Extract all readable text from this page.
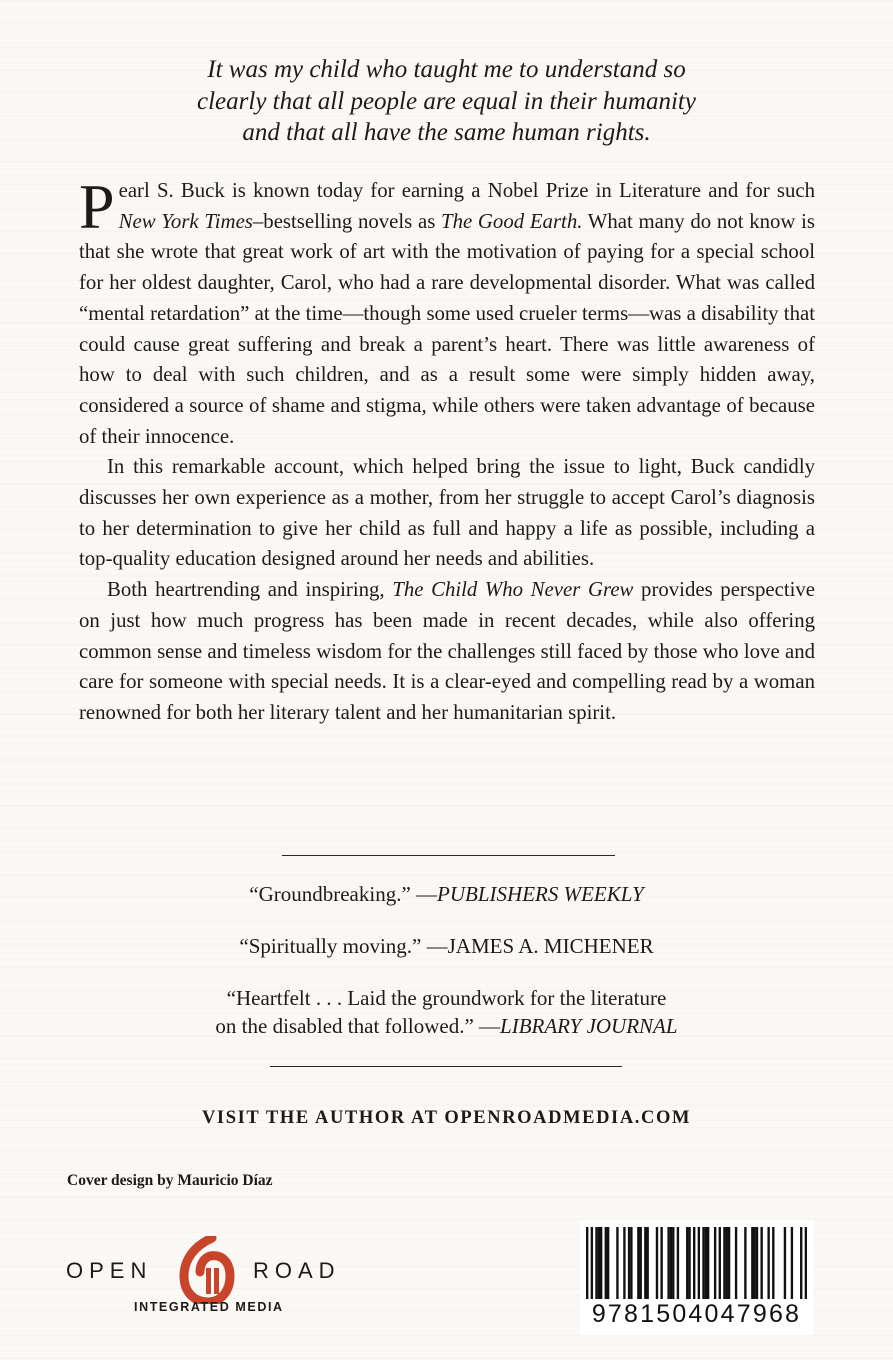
It was my child who taught me to understand so
clearly that all people are equal in their humanity
and that all have the same human rights.

Pearl S. Buck is known today for earning a Nobel Prize in Literature and for such New York Times–bestselling novels as The Good Earth. What many do not know is that she wrote that great work of art with the motivation of paying for a special school for her oldest daughter, Carol, who had a rare developmental disorder. What was called “mental retardation” at the time—though some used crueler terms—was a disability that could cause great suffering and break a parent’s heart. There was little awareness of how to deal with such children, and as a result some were simply hidden away, considered a source of shame and stigma, while others were taken advantage of because of their innocence.

In this remarkable account, which helped bring the issue to light, Buck candidly discusses her own experience as a mother, from her struggle to accept Carol’s diagnosis to her determination to give her child as full and happy a life as possible, including a top-quality education designed around her needs and abilities.

Both heartrending and inspiring, The Child Who Never Grew provides perspective on just how much progress has been made in recent decades, while also offering common sense and timeless wisdom for the challenges still faced by those who love and care for someone with special needs. It is a clear-eyed and compelling read by a woman renowned for both her literary talent and her humanitarian spirit.

“Groundbreaking.” —PUBLISHERS WEEKLY
“Spiritually moving.” —JAMES A. MICHENER
“Heartfelt . . . Laid the groundwork for the literature
on the disabled that followed.” —LIBRARY JOURNAL
VISIT THE AUTHOR AT OPENROADMEDIA.COM
Cover design by Mauricio Díaz
OPEN	ROAD
INTEGRATED MEDIA	9781504047968
